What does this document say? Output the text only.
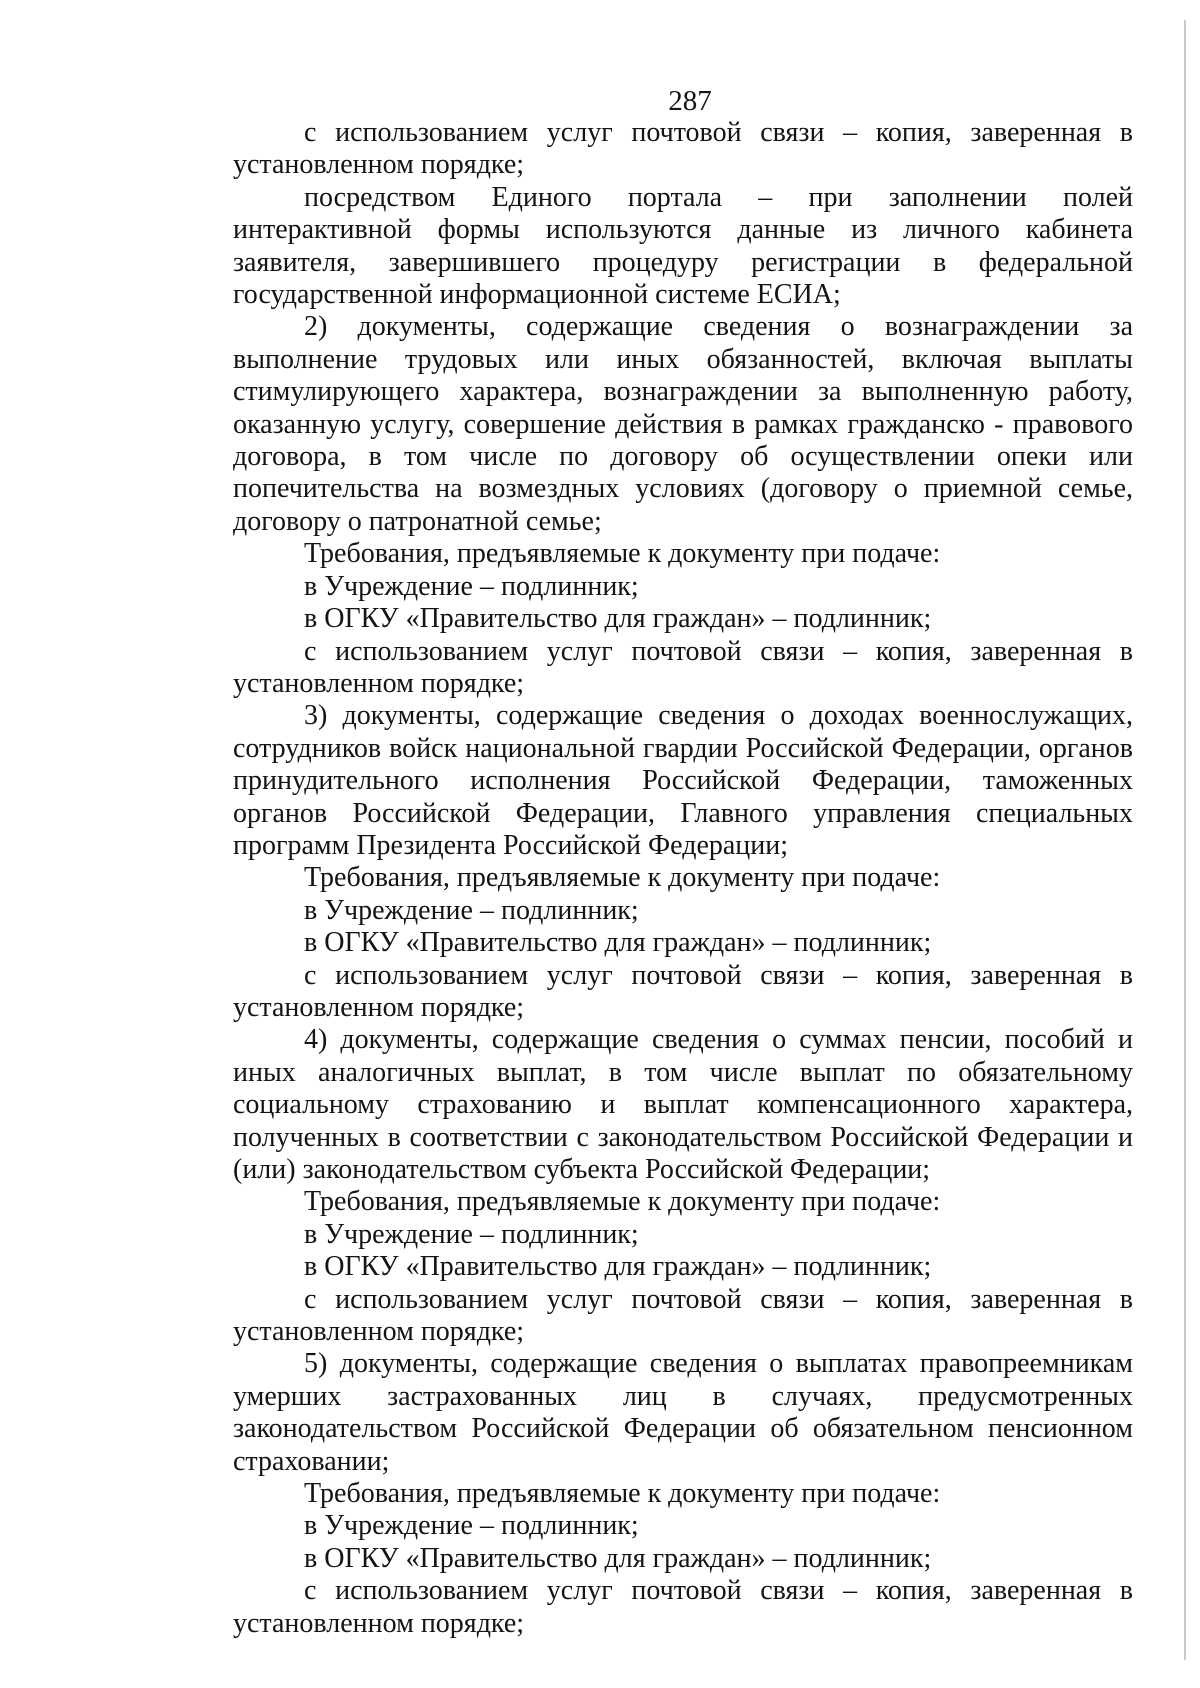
287

с использованием услуг почтовой связи – копия, заверенная в установленном порядке;

посредством Единого портала – при заполнении полей интерактивной формы используются данные из личного кабинета заявителя, завершившего процедуру регистрации в федеральной государственной информационной системе ЕСИА;

2) документы, содержащие сведения о вознаграждении за выполнение трудовых или иных обязанностей, включая выплаты стимулирующего характера, вознаграждении за выполненную работу, оказанную услугу, совершение действия в рамках гражданско - правового договора, в том числе по договору об осуществлении опеки или попечительства на возмездных условиях (договору о приемной семье, договору о патронатной семье;

Требования, предъявляемые к документу при подаче:

в Учреждение – подлинник;

в ОГКУ «Правительство для граждан» – подлинник;

с использованием услуг почтовой связи – копия, заверенная в установленном порядке;

3) документы, содержащие сведения о доходах военнослужащих, сотрудников войск национальной гвардии Российской Федерации, органов принудительного исполнения Российской Федерации, таможенных органов Российской Федерации, Главного управления специальных программ Президента Российской Федерации;

Требования, предъявляемые к документу при подаче:

в Учреждение – подлинник;

в ОГКУ «Правительство для граждан» – подлинник;

с использованием услуг почтовой связи – копия, заверенная в установленном порядке;

4) документы, содержащие сведения о суммах пенсии, пособий и иных аналогичных выплат, в том числе выплат по обязательному социальному страхованию и выплат компенсационного характера, полученных в соответствии с законодательством Российской Федерации и (или) законодательством субъекта Российской Федерации;

Требования, предъявляемые к документу при подаче:

в Учреждение – подлинник;

в ОГКУ «Правительство для граждан» – подлинник;

с использованием услуг почтовой связи – копия, заверенная в установленном порядке;

5) документы, содержащие сведения о выплатах правопреемникам умерших застрахованных лиц в случаях, предусмотренных законодательством Российской Федерации об обязательном пенсионном страховании;

Требования, предъявляемые к документу при подаче:

в Учреждение – подлинник;

в ОГКУ «Правительство для граждан» – подлинник;

с использованием услуг почтовой связи – копия, заверенная в установленном порядке;
